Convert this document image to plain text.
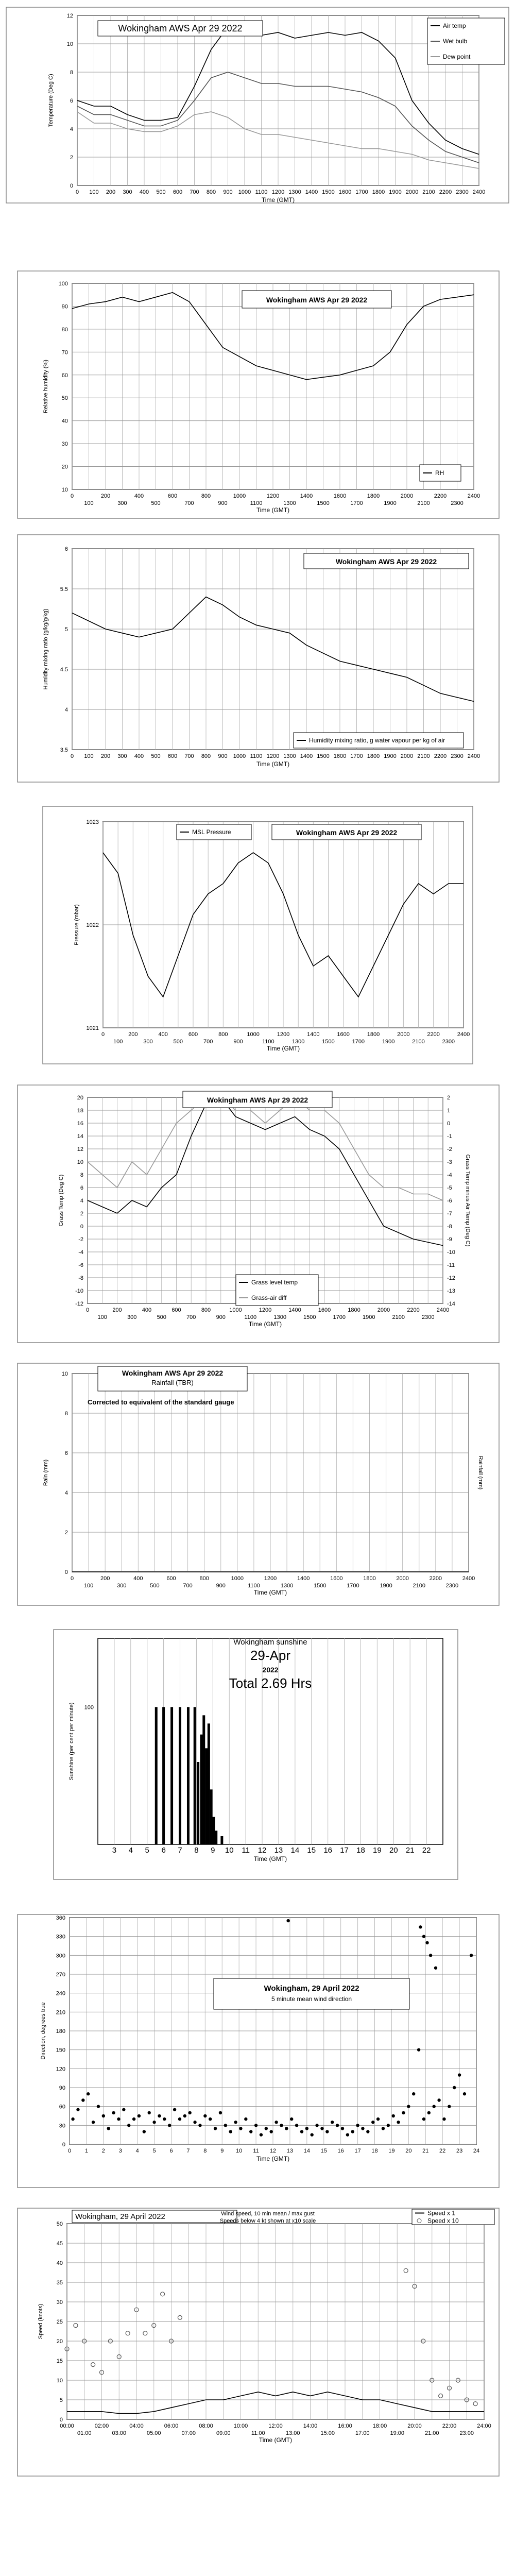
0
2
4
6
8
10
12
0 100 200 300 400 500 600 700 800 900 1000 1100 1200 1300 1400 1500 1600 1700 1800 1900 2000 2100 2200 2300 2400
Time (GMT)
Temperature (Deg C)
Wokingham AWS Apr 29 2022	Air temp
Wet bulb
Dew point
10
20
30
40
50
60
70
80
90
100
0	200	400	600	800	1000	1200	1400	1600	1800	2000	2200	2400
100	300	500	700	900	1100	1300	1500	1700	1900	2100	2300
Time (GMT)
Relative humidity (%)
Wokingham AWS Apr 29 2022
RH
3.5
4
4.5
5
5.5
6
0 100 200 300 400 500 600 700 800 900 1000 1100 1200 1300 1400 1500 1600 1700 1800 1900 2000 2100 2200 2300 2400
Time (GMT)
Humidity mixing ratio (g/kg/g/kg)
Wokingham AWS Apr 29 2022
Humidity mixing ratio, g water vapour per kg of air
1021
1022
1023
0	200	400	600	800	1000	1200	1400	1600	1800	2000	2200	2400
100	300	500	700	900	1100	1300	1500	1700	1900	2100	2300
Time (GMT)
Pressure (mbar)
Wokingham AWS Apr 29 2022
MSL Pressure
20
18
16
14
12
10
8
6
4
2
0
-2
-4
-6
-8
-10
-12
0	200	400	600	800	1000	1200	1400	1600	1800	2000	2200	2400
100	300	500	700	900	1100	1300	1500	1700	1900	2100	2300
Time (GMT)
Grass Temp (Deg C)
2
1
0
-1
-2
-3
-4
-5
-6
-7
-8
-9
-10
-11
-12
-13
-14
Grass Temp minus Air Temp (Deg C)
Wokingham AWS Apr 29 2022
Grass level temp
Grass-air diff
0
2
4
6
8
10
0	200	400	600	800	1000	1200	1400	1600	1800	2000	2200	2400
100	300	500	700	900	1100	1300	1500	1700	1900	2100	2300
Time (GMT)
Rain (mm)	Rainfall (mm)
Wokingham AWS Apr 29 2022
Rainfall (TBR)
Corrected to equivalent of the standard gauge
100
3 4 5 6 7 8 9 10 11 12 13 14 15 16 17 18 19 20 21 22
Time (GMT)
Sunshine (per cent per minute)
Wokingham sunshine
29-Apr
2022
Total 2.69 Hrs
0
30
60
90
120
150
180
210
240
270
300
330
360
0 1 2 3 4 5 6 7 8 9 10 11 12 13 14 15 16 17 18 19 20 21 22 23 24
Time (GMT)
Direction, degrees true
Wokingham, 29 April 2022
5 minute mean wind direction
0
5
10
15
20
25
30
35
40
45
50
00:00	02:00	04:00	06:00	08:00	10:00	12:00	14:00	16:00	18:00	20:00	22:00	24:00
01:00	03:00	05:00	07:00	09:00	11:00	13:00	15:00	17:00	19:00	21:00	23:00
Time (GMT)
Speed (knots)
Wokingham, 29 April 2022	Wind speed, 10 min mean / max gust
Speeds below 4 kt shown at x10 scale
Speed x 1
Speed x 10
